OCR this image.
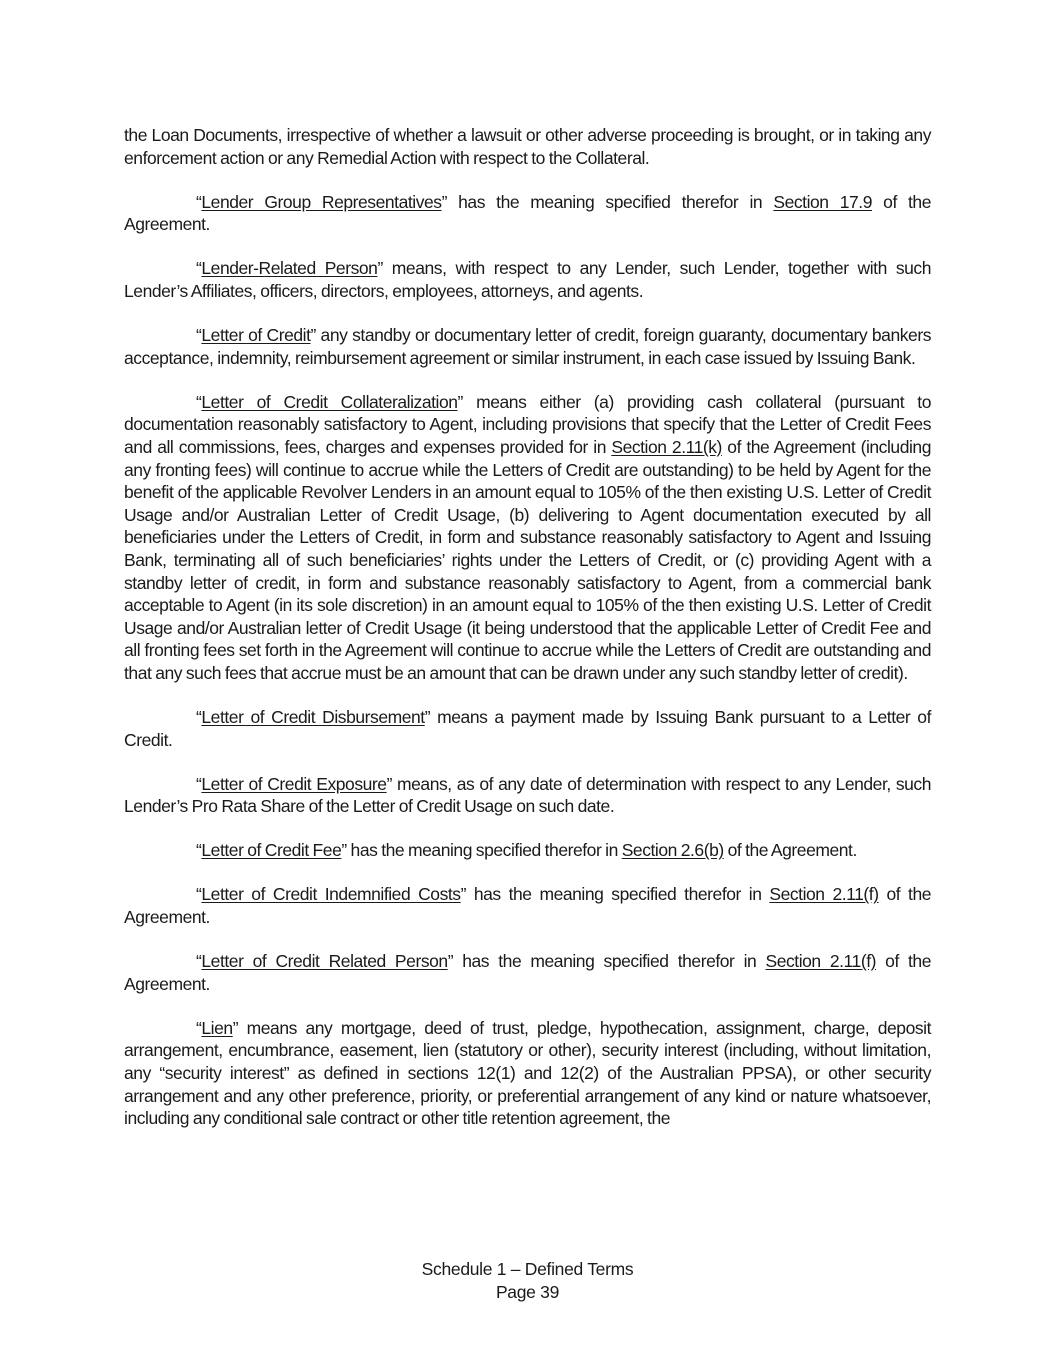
the Loan Documents, irrespective of whether a lawsuit or other adverse proceeding is brought, or in taking any enforcement action or any Remedial Action with respect to the Collateral.

“Lender Group Representatives” has the meaning specified therefor in Section 17.9 of the Agreement.

“Lender-Related Person” means, with respect to any Lender, such Lender, together with such Lender’s Affiliates, officers, directors, employees, attorneys, and agents.

“Letter of Credit” any standby or documentary letter of credit, foreign guaranty, documentary bankers acceptance, indemnity, reimbursement agreement or similar instrument, in each case issued by Issuing Bank.

“Letter of Credit Collateralization” means either (a) providing cash collateral (pursuant to documentation reasonably satisfactory to Agent, including provisions that specify that the Letter of Credit Fees and all commissions, fees, charges and expenses provided for in Section 2.11(k) of the Agreement (including any fronting fees) will continue to accrue while the Letters of Credit are outstanding) to be held by Agent for the benefit of the applicable Revolver Lenders in an amount equal to 105% of the then existing U.S. Letter of Credit Usage and/or Australian Letter of Credit Usage, (b) delivering to Agent documentation executed by all beneficiaries under the Letters of Credit, in form and substance reasonably satisfactory to Agent and Issuing Bank, terminating all of such beneficiaries’ rights under the Letters of Credit, or (c) providing Agent with a standby letter of credit, in form and substance reasonably satisfactory to Agent, from a commercial bank acceptable to Agent (in its sole discretion) in an amount equal to 105% of the then existing U.S. Letter of Credit Usage and/or Australian letter of Credit Usage (it being understood that the applicable Letter of Credit Fee and all fronting fees set forth in the Agreement will continue to accrue while the Letters of Credit are outstanding and that any such fees that accrue must be an amount that can be drawn under any such standby letter of credit).

“Letter of Credit Disbursement” means a payment made by Issuing Bank pursuant to a Letter of Credit.

“Letter of Credit Exposure” means, as of any date of determination with respect to any Lender, such Lender’s Pro Rata Share of the Letter of Credit Usage on such date.

“Letter of Credit Fee” has the meaning specified therefor in Section 2.6(b) of the Agreement.

“Letter of Credit Indemnified Costs” has the meaning specified therefor in Section 2.11(f) of the Agreement.

“Letter of Credit Related Person” has the meaning specified therefor in Section 2.11(f) of the Agreement.

“Lien” means any mortgage, deed of trust, pledge, hypothecation, assignment, charge, deposit arrangement, encumbrance, easement, lien (statutory or other), security interest (including, without limitation, any “security interest” as defined in sections 12(1) and 12(2) of the Australian PPSA), or other security arrangement and any other preference, priority, or preferential arrangement of any kind or nature whatsoever, including any conditional sale contract or other title retention agreement, the

Schedule 1 – Defined Terms
Page 39
